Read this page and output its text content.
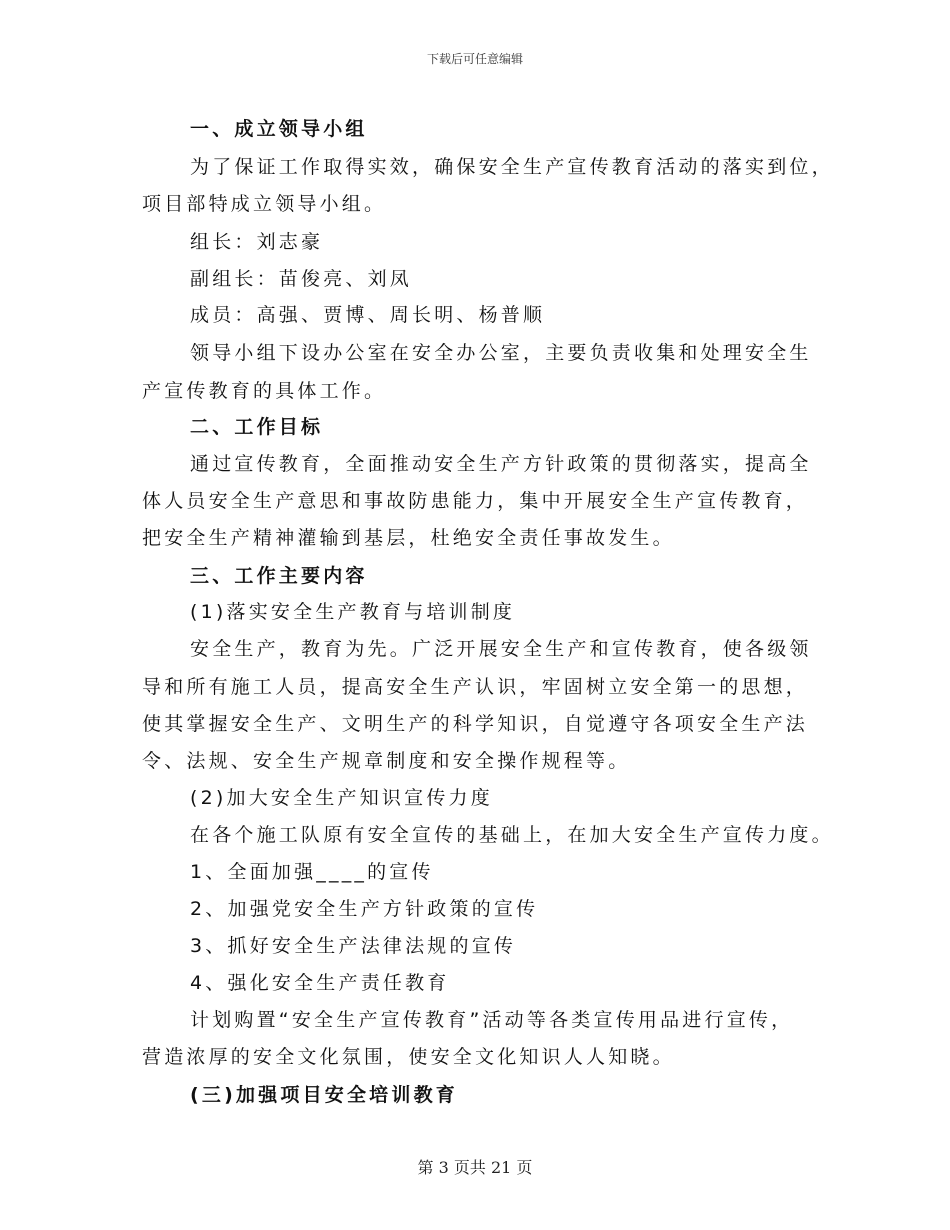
下载后可任意编辑
一、成立领导小组
为了保证工作取得实效，确保安全生产宣传教育活动的落实到位，
项目部特成立领导小组。
组长：刘志豪
副组长：苗俊亮、刘凤
成员：高强、贾博、周长明、杨普顺
领导小组下设办公室在安全办公室，主要负责收集和处理安全生
产宣传教育的具体工作。
二、工作目标
通过宣传教育，全面推动安全生产方针政策的贯彻落实，提高全
体人员安全生产意思和事故防患能力，集中开展安全生产宣传教育，
把安全生产精神灌输到基层，杜绝安全责任事故发生。
三、工作主要内容
(1)落实安全生产教育与培训制度
安全生产，教育为先。广泛开展安全生产和宣传教育，使各级领
导和所有施工人员，提高安全生产认识，牢固树立安全第一的思想，
使其掌握安全生产、文明生产的科学知识，自觉遵守各项安全生产法
令、法规、安全生产规章制度和安全操作规程等。
(2)加大安全生产知识宣传力度
在各个施工队原有安全宣传的基础上，在加大安全生产宣传力度。
1、全面加强____的宣传
2、加强党安全生产方针政策的宣传
3、抓好安全生产法律法规的宣传
4、强化安全生产责任教育
计划购置“安全生产宣传教育”活动等各类宣传用品进行宣传，
营造浓厚的安全文化氛围，使安全文化知识人人知晓。
(三)加强项目安全培训教育
第 3 页共 21 页
